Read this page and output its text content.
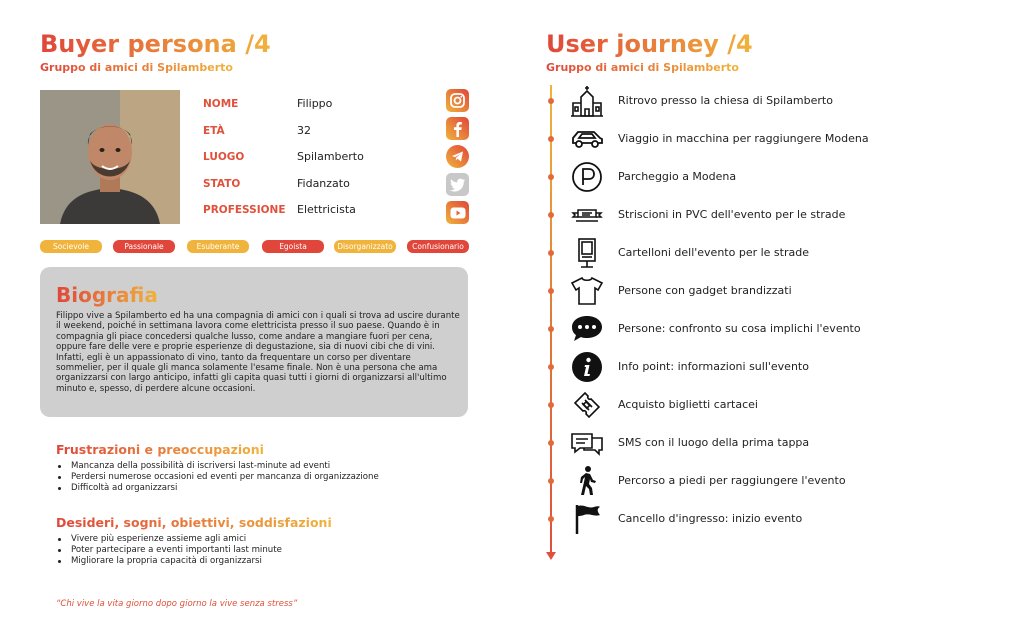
Buyer persona /4
Gruppo di amici di Spilamberto
NOME	Filippo
ETÀ	32
LUOGO	Spilamberto
STATO	Fidanzato
PROFESSIONE Elettricista
Socievole	Passionale	Esuberante	Egoista	Disorganizzato	Confusionario
Biografia
Filippo vive a Spilamberto ed ha una compagnia di amici con i quali si trova ad uscire durante il weekend, poiché in settimana lavora come elettricista presso il suo paese. Quando è in compagnia gli piace concedersi qualche lusso, come andare a mangiare fuori per cena, oppure fare delle vere e proprie esperienze di degustazione, sia di nuovi cibi che di vini. Infatti, egli è un appassionato di vino, tanto da frequentare un corso per diventare sommelier, per il quale gli manca solamente l'esame finale. Non è una persona che ama organizzarsi con largo anticipo, infatti gli capita quasi tutti i giorni di organizzarsi all'ultimo minuto e, spesso, di perdere alcune occasioni.
Frustrazioni e preoccupazioni
Mancanza della possibilità di iscriversi last-minute ad eventi
Perdersi numerose occasioni ed eventi per mancanza di organizzazione
Difficoltà ad organizzarsi
Desideri, sogni, obiettivi, soddisfazioni
Vivere più esperienze assieme agli amici
Poter partecipare a eventi importanti last minute
Migliorare la propria capacità di organizzarsi
“Chi vive la vita giorno dopo giorno la vive senza stress”
User journey /4
Gruppo di amici di Spilamberto
Ritrovo presso la chiesa di Spilamberto
Viaggio in macchina per raggiungere Modena
Parcheggio a Modena
Striscioni in PVC dell'evento per le strade
Cartelloni dell'evento per le strade
Persone con gadget brandizzati
Persone: confronto su cosa implichi l'evento
Info point: informazioni sull'evento
Acquisto biglietti cartacei
SMS con il luogo della prima tappa
Percorso a piedi per raggiungere l'evento
Cancello d'ingresso: inizio evento
